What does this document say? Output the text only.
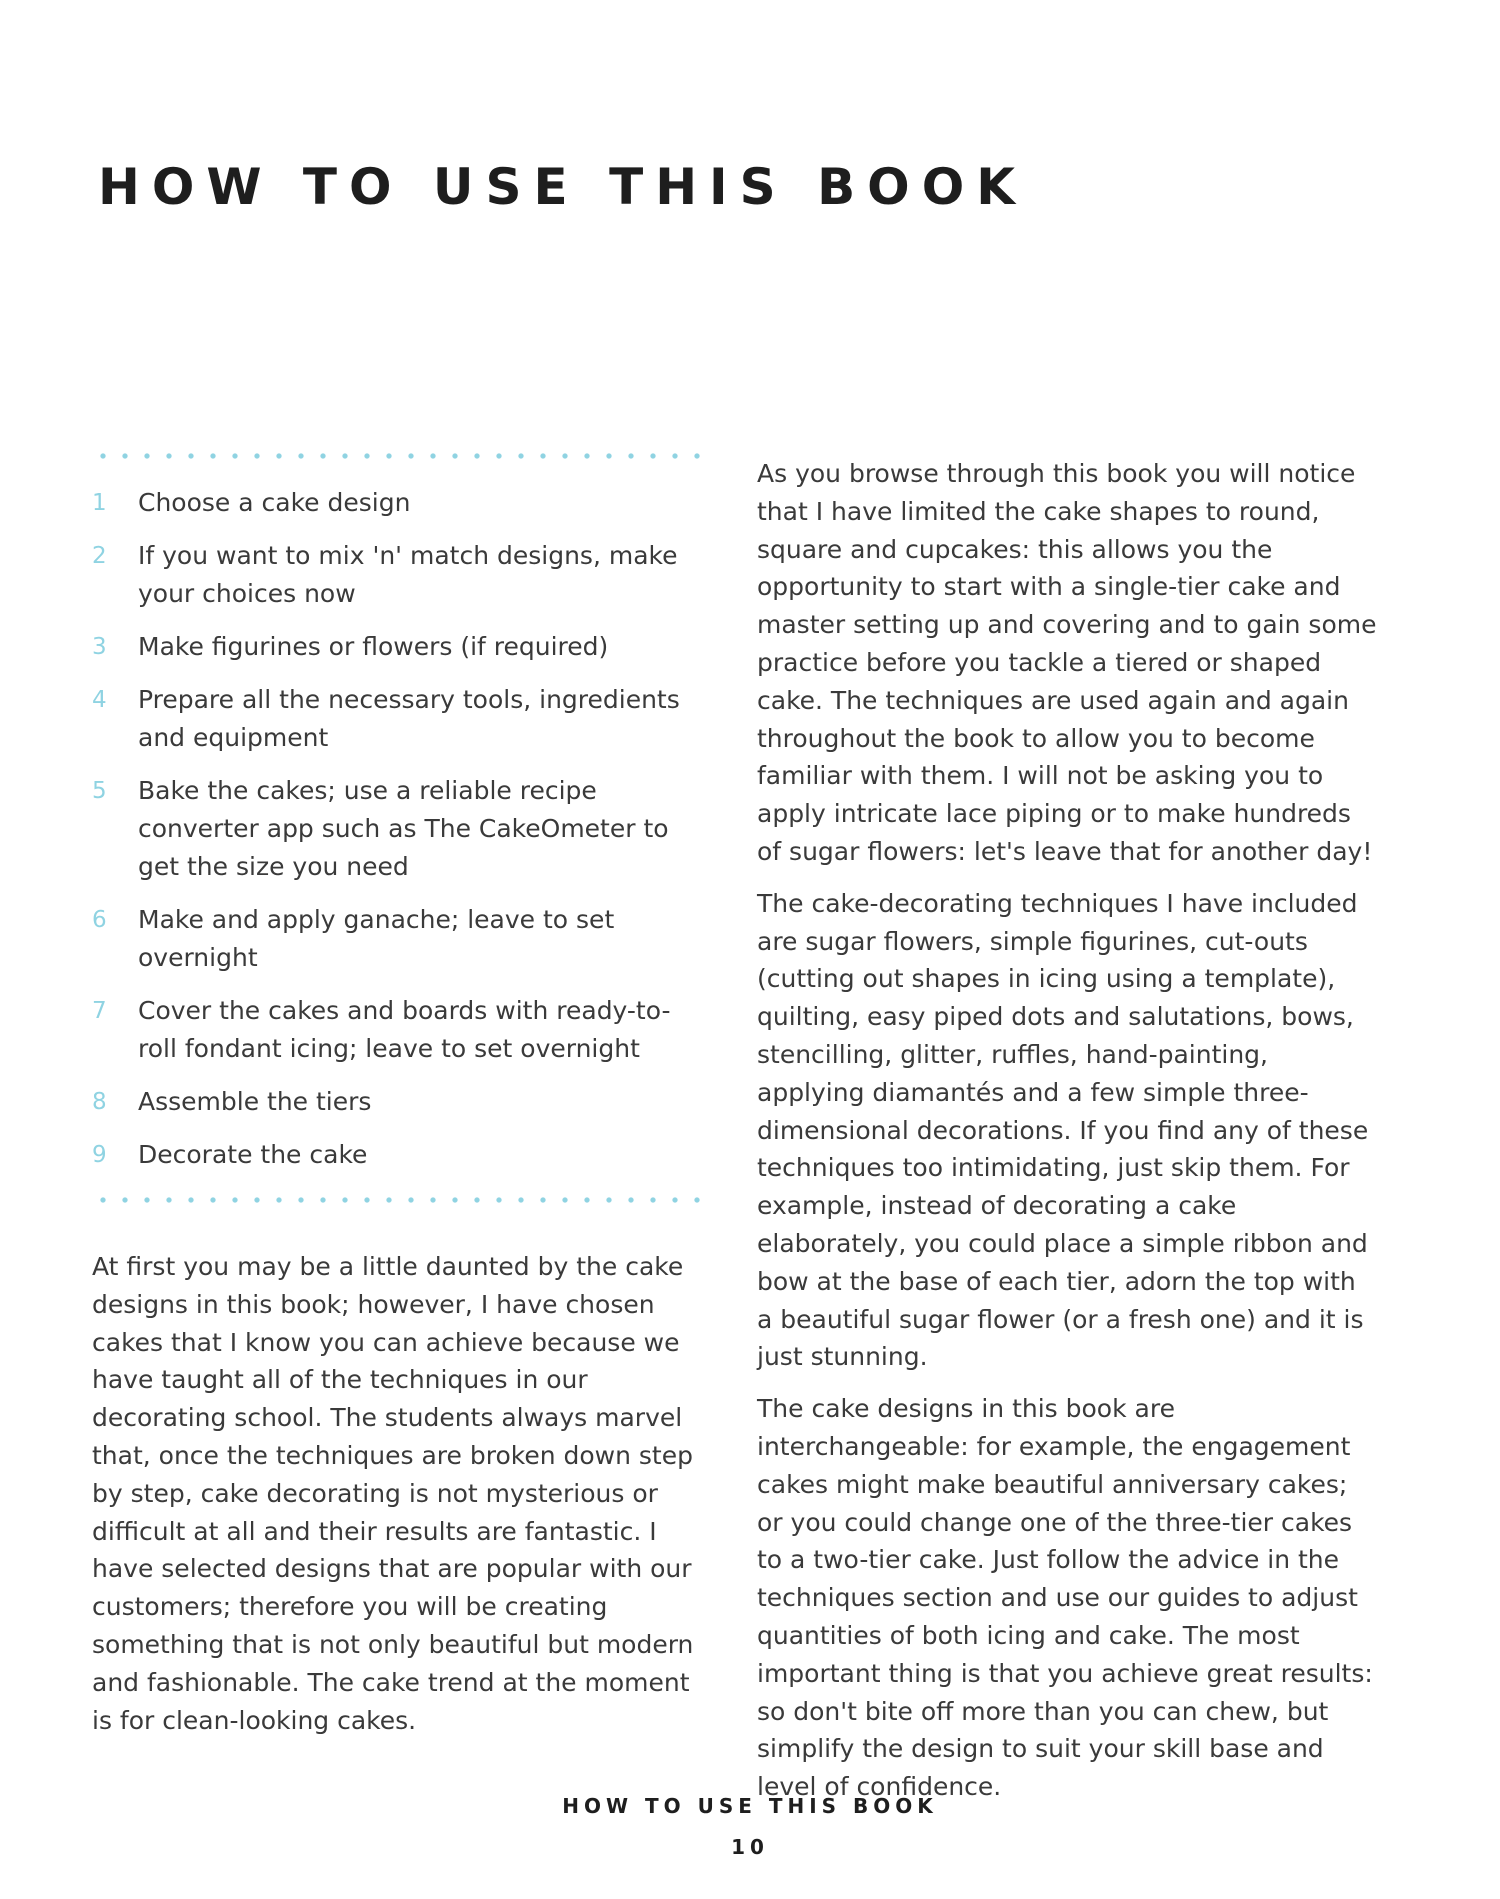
HOW TO USE THIS BOOK
1 Choose a cake design
2 If you want to mix 'n' match designs, make your choices now
3 Make figurines or flowers (if required)
4 Prepare all the necessary tools, ingredients and equipment
5 Bake the cakes; use a reliable recipe converter app such as The CakeOmeter to get the size you need
6 Make and apply ganache; leave to set overnight
7 Cover the cakes and boards with ready-to-roll fondant icing; leave to set overnight
8 Assemble the tiers
9 Decorate the cake

At first you may be a little daunted by the cake designs in this book; however, I have chosen cakes that I know you can achieve because we have taught all of the techniques in our decorating school. The students always marvel that, once the techniques are broken down step by step, cake decorating is not mysterious or difficult at all and their results are fantastic. I have selected designs that are popular with our customers; therefore you will be creating something that is not only beautiful but modern and fashionable. The cake trend at the moment is for clean-looking cakes.

As you browse through this book you will notice that I have limited the cake shapes to round, square and cupcakes: this allows you the opportunity to start with a single-tier cake and master setting up and covering and to gain some practice before you tackle a tiered or shaped cake. The techniques are used again and again throughout the book to allow you to become familiar with them. I will not be asking you to apply intricate lace piping or to make hundreds of sugar flowers: let's leave that for another day!

The cake-decorating techniques I have included are sugar flowers, simple figurines, cut-outs (cutting out shapes in icing using a template), quilting, easy piped dots and salutations, bows, stencilling, glitter, ruffles, hand-painting, applying diamantés and a few simple three-dimensional decorations. If you find any of these techniques too intimidating, just skip them. For example, instead of decorating a cake elaborately, you could place a simple ribbon and bow at the base of each tier, adorn the top with a beautiful sugar flower (or a fresh one) and it is just stunning.

The cake designs in this book are interchangeable: for example, the engagement cakes might make beautiful anniversary cakes; or you could change one of the three-tier cakes to a two-tier cake. Just follow the advice in the techniques section and use our guides to adjust quantities of both icing and cake. The most important thing is that you achieve great results: so don't bite off more than you can chew, but simplify the design to suit your skill base and level of confidence.

HOW TO USE THIS BOOK
10
